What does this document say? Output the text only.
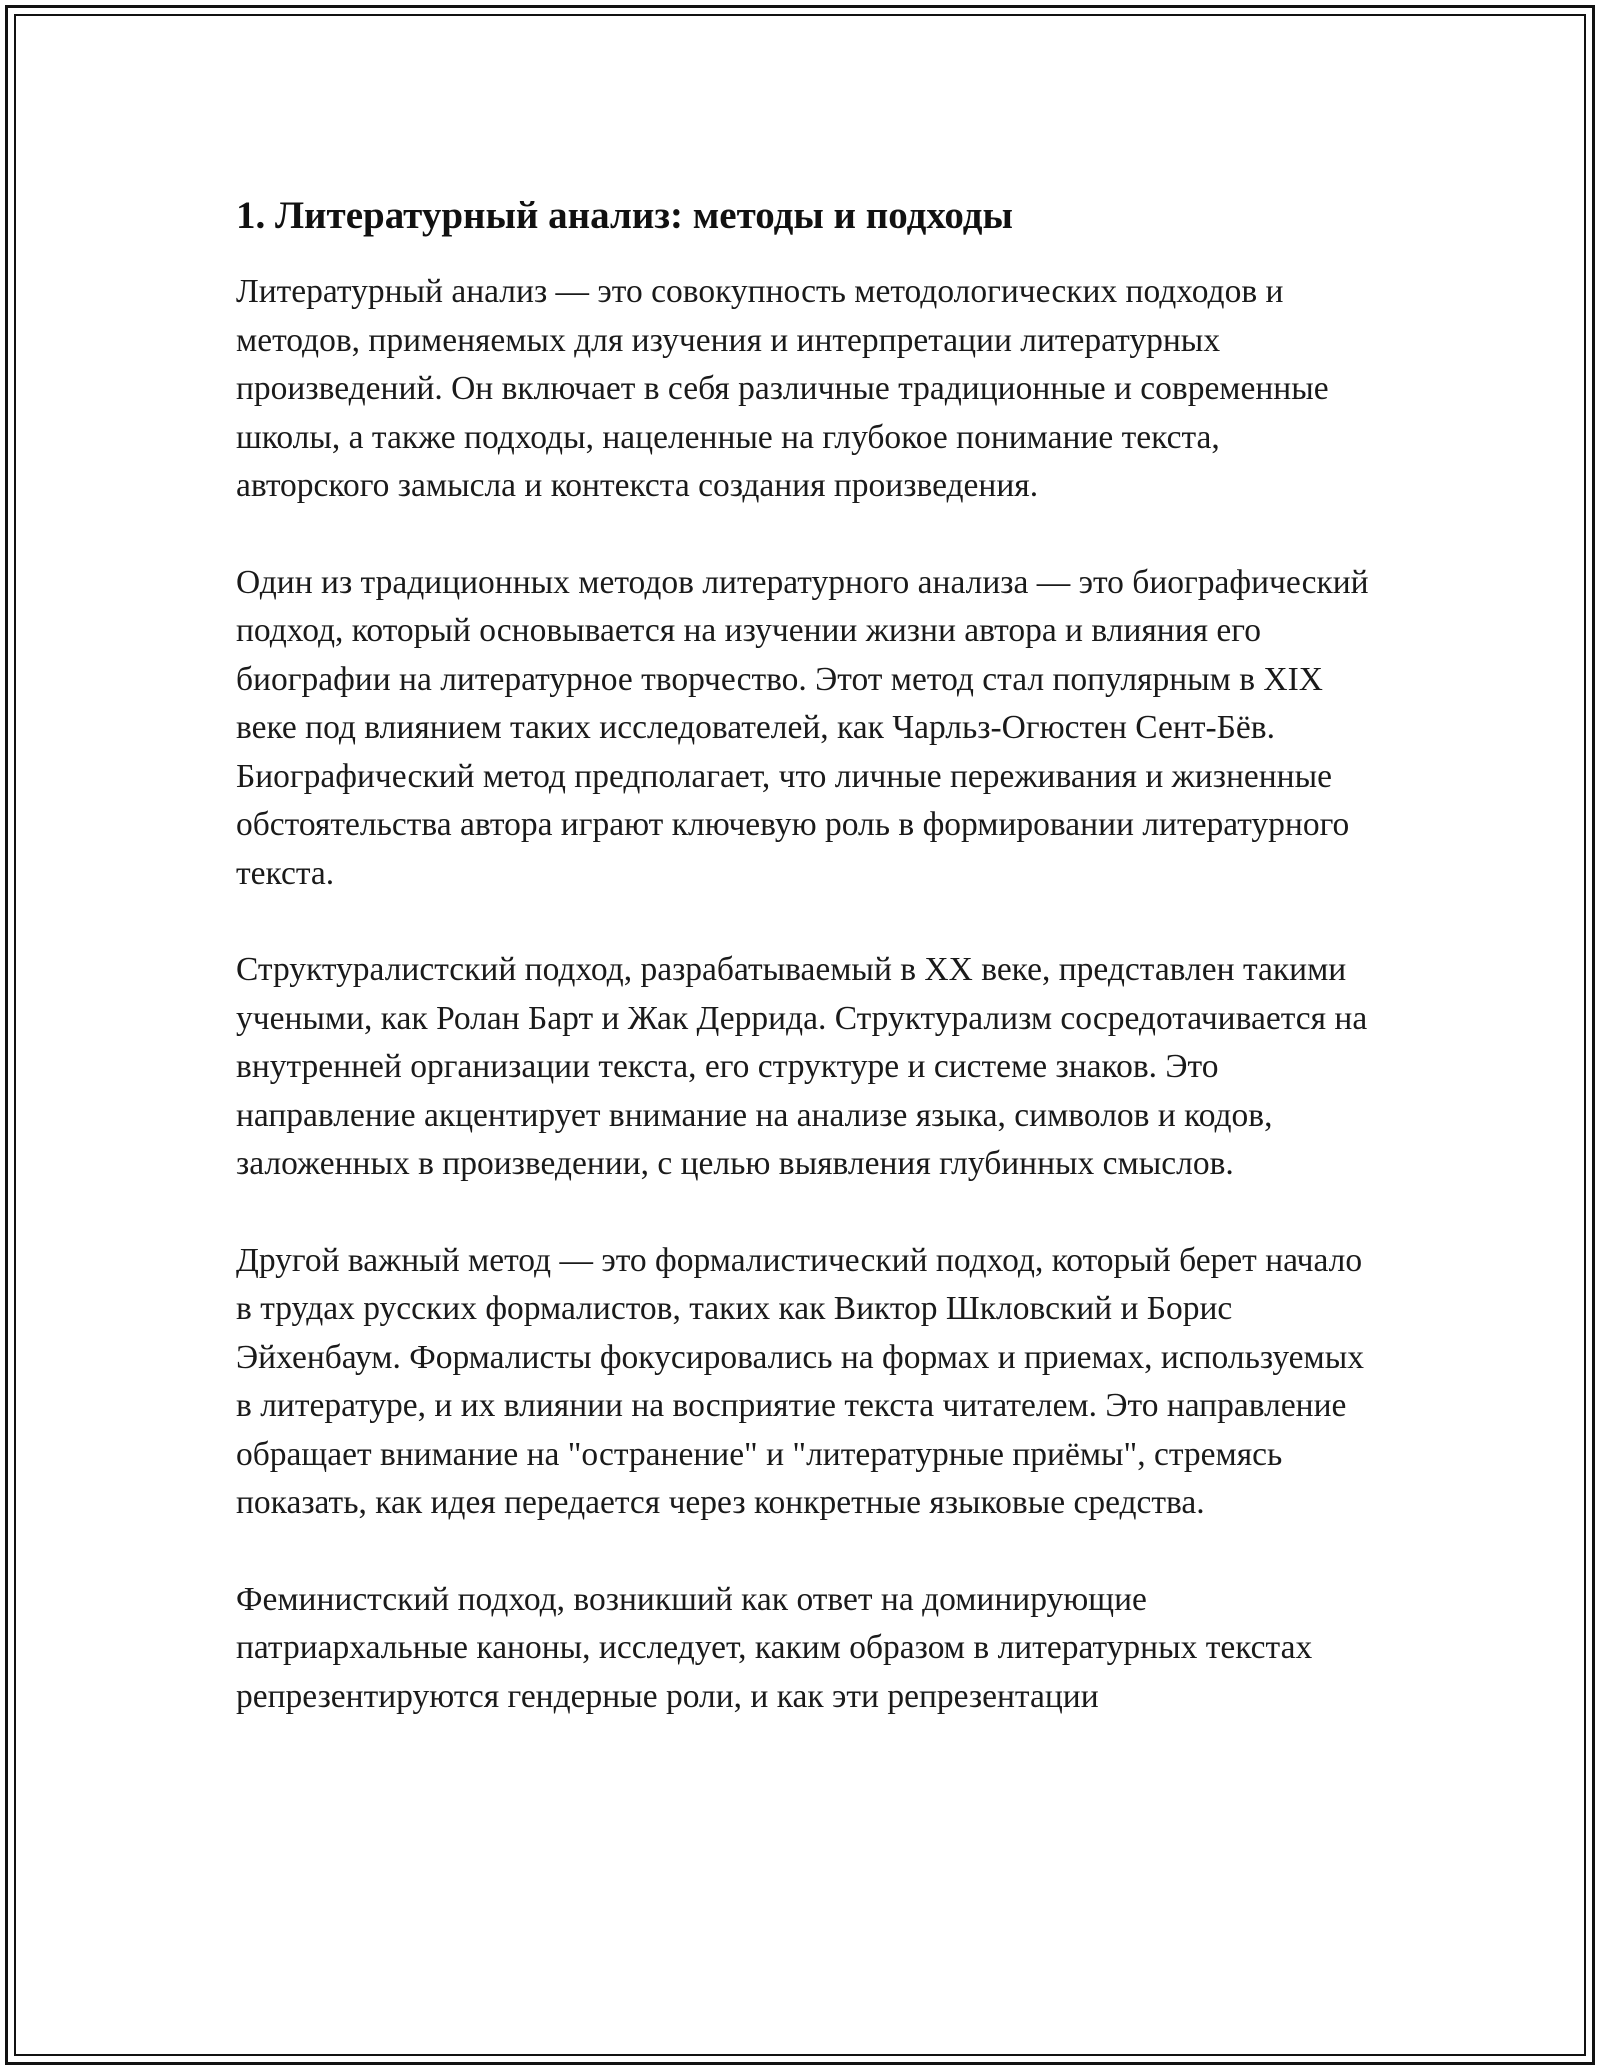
1. Литературный анализ: методы и подходы

Литературный анализ — это совокупность методологических подходов и методов, применяемых для изучения и интерпретации литературных произведений. Он включает в себя различные традиционные и современные школы, а также подходы, нацеленные на глубокое понимание текста, авторского замысла и контекста создания произведения.

Один из традиционных методов литературного анализа — это биографический подход, который основывается на изучении жизни автора и влияния его биографии на литературное творчество. Этот метод стал популярным в XIX веке под влиянием таких исследователей, как Чарльз-Огюстен Сент-Бёв. Биографический метод предполагает, что личные переживания и жизненные обстоятельства автора играют ключевую роль в формировании литературного текста.

Структуралистский подход, разрабатываемый в XX веке, представлен такими учеными, как Ролан Барт и Жак Деррида. Структурализм сосредотачивается на внутренней организации текста, его структуре и системе знаков. Это направление акцентирует внимание на анализе языка, символов и кодов, заложенных в произведении, с целью выявления глубинных смыслов.

Другой важный метод — это формалистический подход, который берет начало в трудах русских формалистов, таких как Виктор Шкловский и Борис Эйхенбаум. Формалисты фокусировались на формах и приемах, используемых в литературе, и их влиянии на восприятие текста читателем. Это направление обращает внимание на "остранение" и "литературные приёмы", стремясь показать, как идея передается через конкретные языковые средства.

Феминистский подход, возникший как ответ на доминирующие патриархальные каноны, исследует, каким образом в литературных текстах репрезентируются гендерные роли, и как эти репрезентации
